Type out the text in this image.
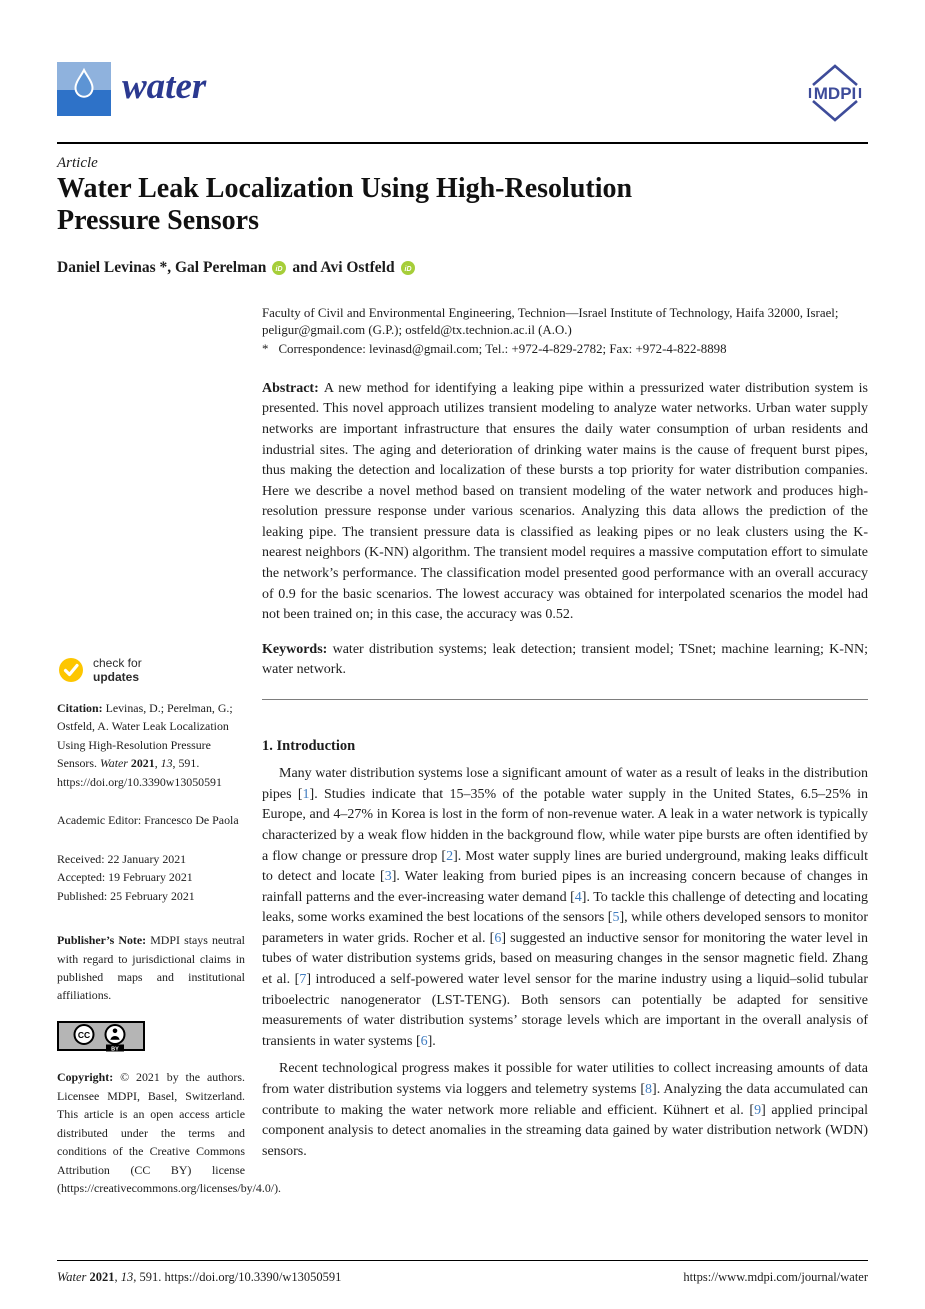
water	MDPI
Article
Water Leak Localization Using High-Resolution
Pressure Sensors
Daniel Levinas *, Gal Perelman iD and Avi Ostfeld iD
check for
updates
Citation: Levinas, D.; Perelman, G.; Ostfeld, A. Water Leak Localization Using High-Resolution Pressure Sensors. Water 2021, 13, 591. https://doi.org/10.3390w13050591
Academic Editor: Francesco De Paola
Received: 22 January 2021
Accepted: 19 February 2021
Published: 25 February 2021
Publisher’s Note: MDPI stays neutral with regard to jurisdictional claims in published maps and institutional affiliations.
CC
BY
Copyright: © 2021 by the authors. Licensee MDPI, Basel, Switzerland. This article is an open access article distributed under the terms and conditions of the Creative Commons Attribution (CC BY) license (https://creativecommons.org/licenses/by/4.0/).
Faculty of Civil and Environmental Engineering, Technion—Israel Institute of Technology, Haifa 32000, Israel; peligur@gmail.com (G.P.); ostfeld@tx.technion.ac.il (A.O.)
* Correspondence: levinasd@gmail.com; Tel.: +972-4-829-2782; Fax: +972-4-822-8898
Abstract: A new method for identifying a leaking pipe within a pressurized water distribution system is presented. This novel approach utilizes transient modeling to analyze water networks. Urban water supply networks are important infrastructure that ensures the daily water consumption of urban residents and industrial sites. The aging and deterioration of drinking water mains is the cause of frequent burst pipes, thus making the detection and localization of these bursts a top priority for water distribution companies. Here we describe a novel method based on transient modeling of the water network and produces high-resolution pressure response under various scenarios. Analyzing this data allows the prediction of the leaking pipe. The transient pressure data is classified as leaking pipes or no leak clusters using the K-nearest neighbors (K-NN) algorithm. The transient model requires a massive computation effort to simulate the network’s performance. The classification model presented good performance with an overall accuracy of 0.9 for the basic scenarios. The lowest accuracy was obtained for interpolated scenarios the model had not been trained on; in this case, the accuracy was 0.52.
Keywords: water distribution systems; leak detection; transient model; TSnet; machine learning; K-NN; water network.
1. Introduction

Many water distribution systems lose a significant amount of water as a result of leaks in the distribution pipes [1]. Studies indicate that 15–35% of the potable water supply in the United States, 6.5–25% in Europe, and 4–27% in Korea is lost in the form of non-revenue water. A leak in a water network is typically characterized by a weak flow hidden in the background flow, while water pipe bursts are often identified by a flow change or pressure drop [2]. Most water supply lines are buried underground, making leaks difficult to detect and locate [3]. Water leaking from buried pipes is an increasing concern because of changes in rainfall patterns and the ever-increasing water demand [4]. To tackle this challenge of detecting and locating leaks, some works examined the best locations of the sensors [5], while others developed sensors to monitor parameters in water grids. Rocher et al. [6] suggested an inductive sensor for monitoring the water level in tubes of water distribution systems grids, based on measuring changes in the sensor magnetic field. Zhang et al. [7] introduced a self-powered water level sensor for the marine industry using a liquid–solid tubular triboelectric nanogenerator (LST-TENG). Both sensors can potentially be adapted for sensitive measurements of water distribution systems’ storage levels which are important in the overall analysis of transients in water systems [6].

Recent technological progress makes it possible for water utilities to collect increasing amounts of data from water distribution systems via loggers and telemetry systems [8]. Analyzing the data accumulated can contribute to making the water network more reliable and efficient. Kühnert et al. [9] applied principal component analysis to detect anomalies in the streaming data gained by water distribution network (WDN) sensors.

Water 2021, 13, 591. https://doi.org/10.3390/w13050591	https://www.mdpi.com/journal/water
